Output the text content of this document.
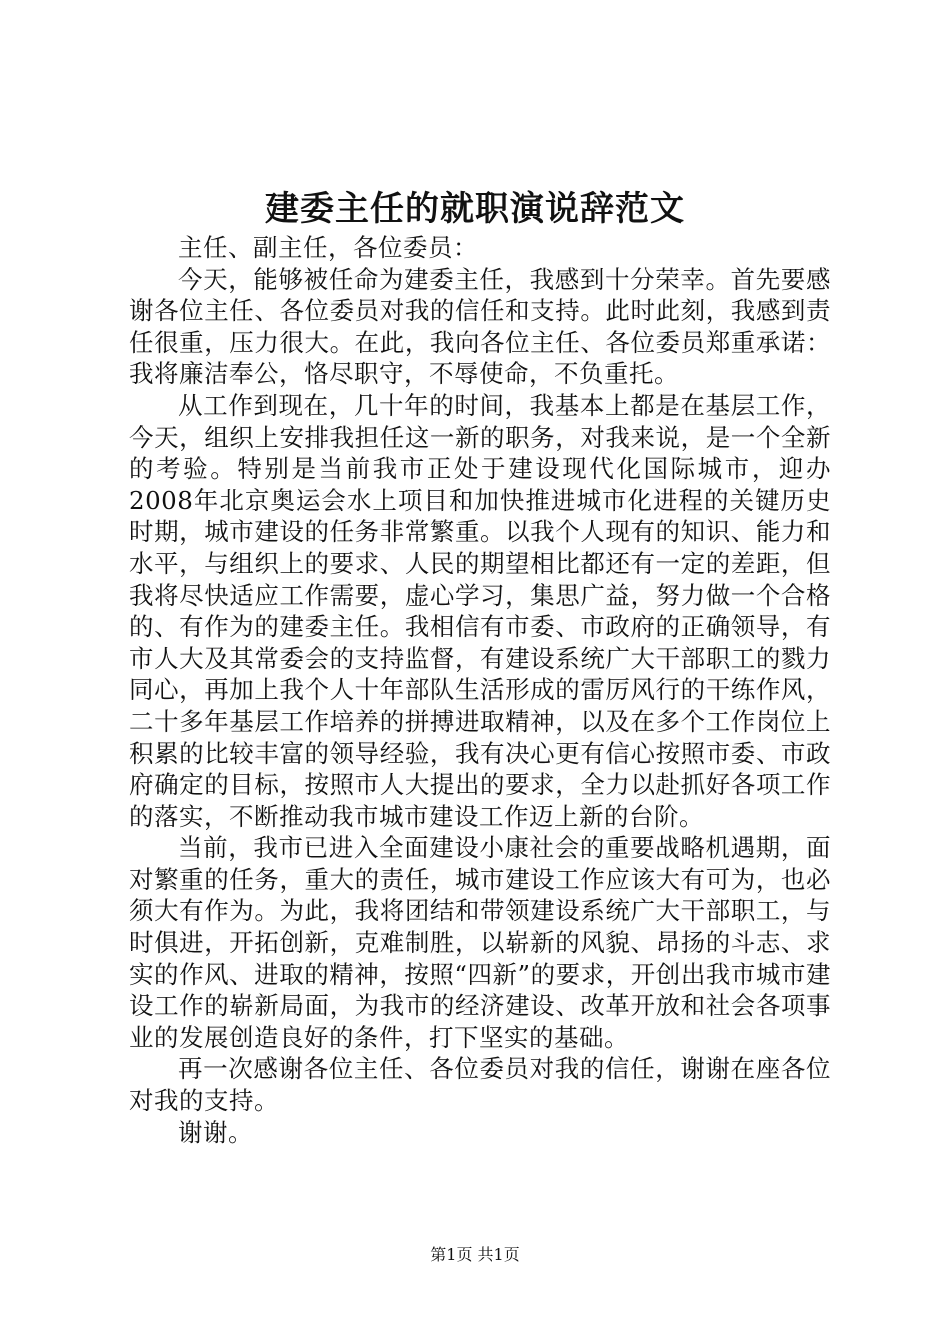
建委主任的就职演说辞范文

主任、副主任，各位委员：

今天，能够被任命为建委主任，我感到十分荣幸。首先要感谢各位主任、各位委员对我的信任和支持。此时此刻，我感到责任很重，压力很大。在此，我向各位主任、各位委员郑重承诺：我将廉洁奉公，恪尽职守，不辱使命，不负重托。

从工作到现在，几十年的时间，我基本上都是在基层工作，今天，组织上安排我担任这一新的职务，对我来说，是一个全新的考验。特别是当前我市正处于建设现代化国际城市，迎办2008年北京奥运会水上项目和加快推进城市化进程的关键历史时期，城市建设的任务非常繁重。以我个人现有的知识、能力和水平，与组织上的要求、人民的期望相比都还有一定的差距，但我将尽快适应工作需要，虚心学习，集思广益，努力做一个合格的、有作为的建委主任。我相信有市委、市政府的正确领导，有市人大及其常委会的支持监督，有建设系统广大干部职工的戮力同心，再加上我个人十年部队生活形成的雷厉风行的干练作风，二十多年基层工作培养的拼搏进取精神，以及在多个工作岗位上积累的比较丰富的领导经验，我有决心更有信心按照市委、市政府确定的目标，按照市人大提出的要求，全力以赴抓好各项工作的落实，不断推动我市城市建设工作迈上新的台阶。

当前，我市已进入全面建设小康社会的重要战略机遇期，面对繁重的任务，重大的责任，城市建设工作应该大有可为，也必须大有作为。为此，我将团结和带领建设系统广大干部职工，与时俱进，开拓创新，克难制胜，以崭新的风貌、昂扬的斗志、求实的作风、进取的精神，按照“四新”的要求，开创出我市城市建设工作的崭新局面，为我市的经济建设、改革开放和社会各项事业的发展创造良好的条件，打下坚实的基础。

再一次感谢各位主任、各位委员对我的信任，谢谢在座各位对我的支持。

谢谢。

第1页 共1页
